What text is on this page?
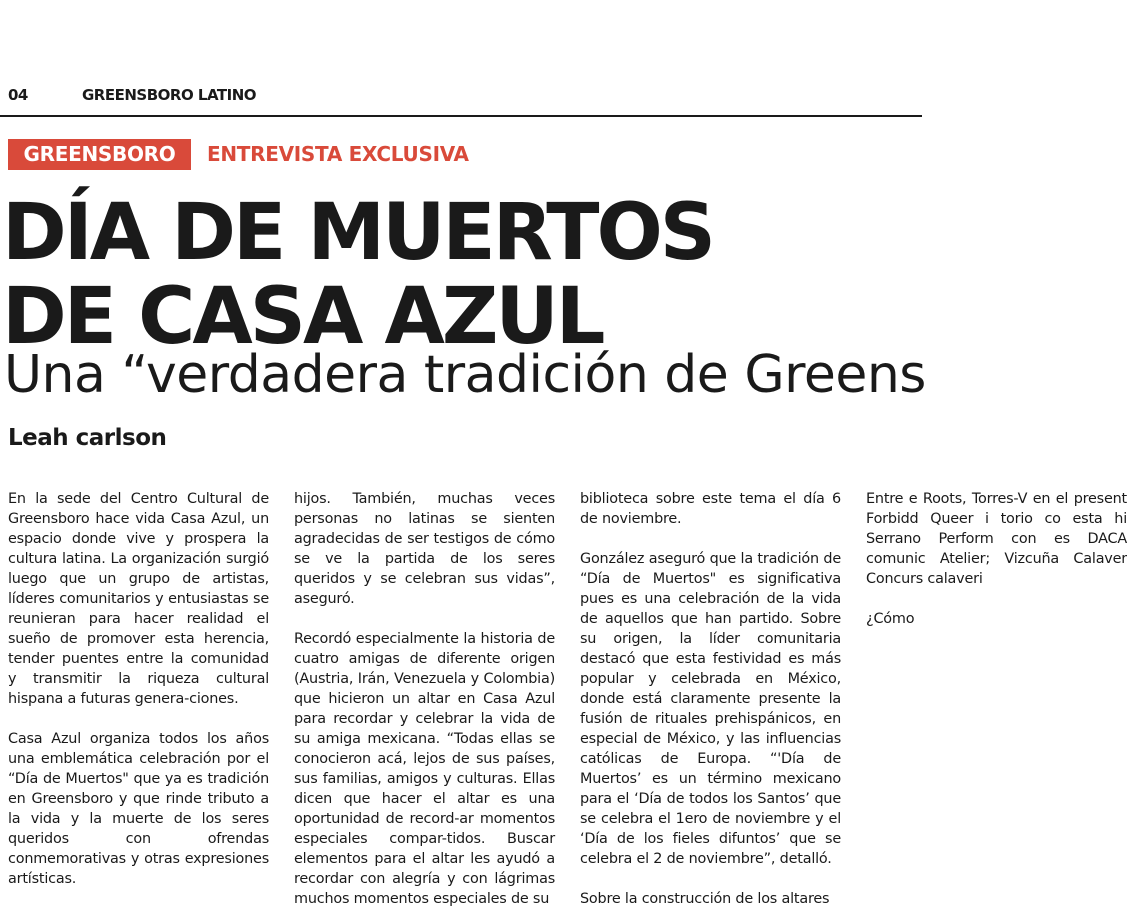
04	GREENSBORO LATINO
GREENSBORO	ENTREVISTA EXCLUSIVA
DÍA DE MUERTOS
DE CASA AZUL
Una “verdadera tradición de Greens
Leah carlson

En la sede del Centro Cultural de Greensboro hace vida Casa Azul, un espacio donde vive y prospera la cultura latina. La organización surgió luego que un grupo de artistas, líderes comunitarios y entusiastas se reunieran para hacer realidad el sueño de promover esta herencia, tender puentes entre la comunidad y transmitir la riqueza cultural hispana a futuras genera-ciones.

Casa Azul organiza todos los años una emblemática celebración por el “Día de Muertos" que ya es tradición en Greensboro y que rinde tributo a la vida y la muerte de los seres queridos con ofrendas conmemorativas y otras expresiones artísticas.

hijos. También, muchas veces personas no latinas se sienten agradecidas de ser testigos de cómo se ve la partida de los seres queridos y se celebran sus vidas”, aseguró.

Recordó especialmente la historia de cuatro amigas de diferente origen (Austria, Irán, Venezuela y Colombia) que hicieron un altar en Casa Azul para recordar y celebrar la vida de su amiga mexicana. “Todas ellas se conocieron acá, lejos de sus países, sus familias, amigos y culturas. Ellas dicen que hacer el altar es una oportunidad de record-ar momentos especiales compar-tidos. Buscar elementos para el altar les ayudó a recordar con alegría y con lágrimas muchos momentos especiales de su

biblioteca sobre este tema el día 6 de noviembre.

González aseguró que la tradición de “Día de Muertos" es significativa pues es una celebración de la vida de aquellos que han partido. Sobre su origen, la líder comunitaria destacó que esta festividad es más popular y celebrada en México, donde está claramente presente la fusión de rituales prehispánicos, en especial de México, y las influencias católicas de Europa. “'Día de Muertos’ es un término mexicano para el ‘Día de todos los Santos’ que se celebra el 1ero de noviembre y el ‘Día de los fieles difuntos’ que se celebra el 2 de noviembre”, detalló.

Sobre la construcción de los altares

Entre e Roots, Torres-V en el present Forbidd Queer i torio co esta hi Serrano Perform con es DACA comunic Atelier; Vizcuña Calaver Concurs calaveri

¿Cómo
